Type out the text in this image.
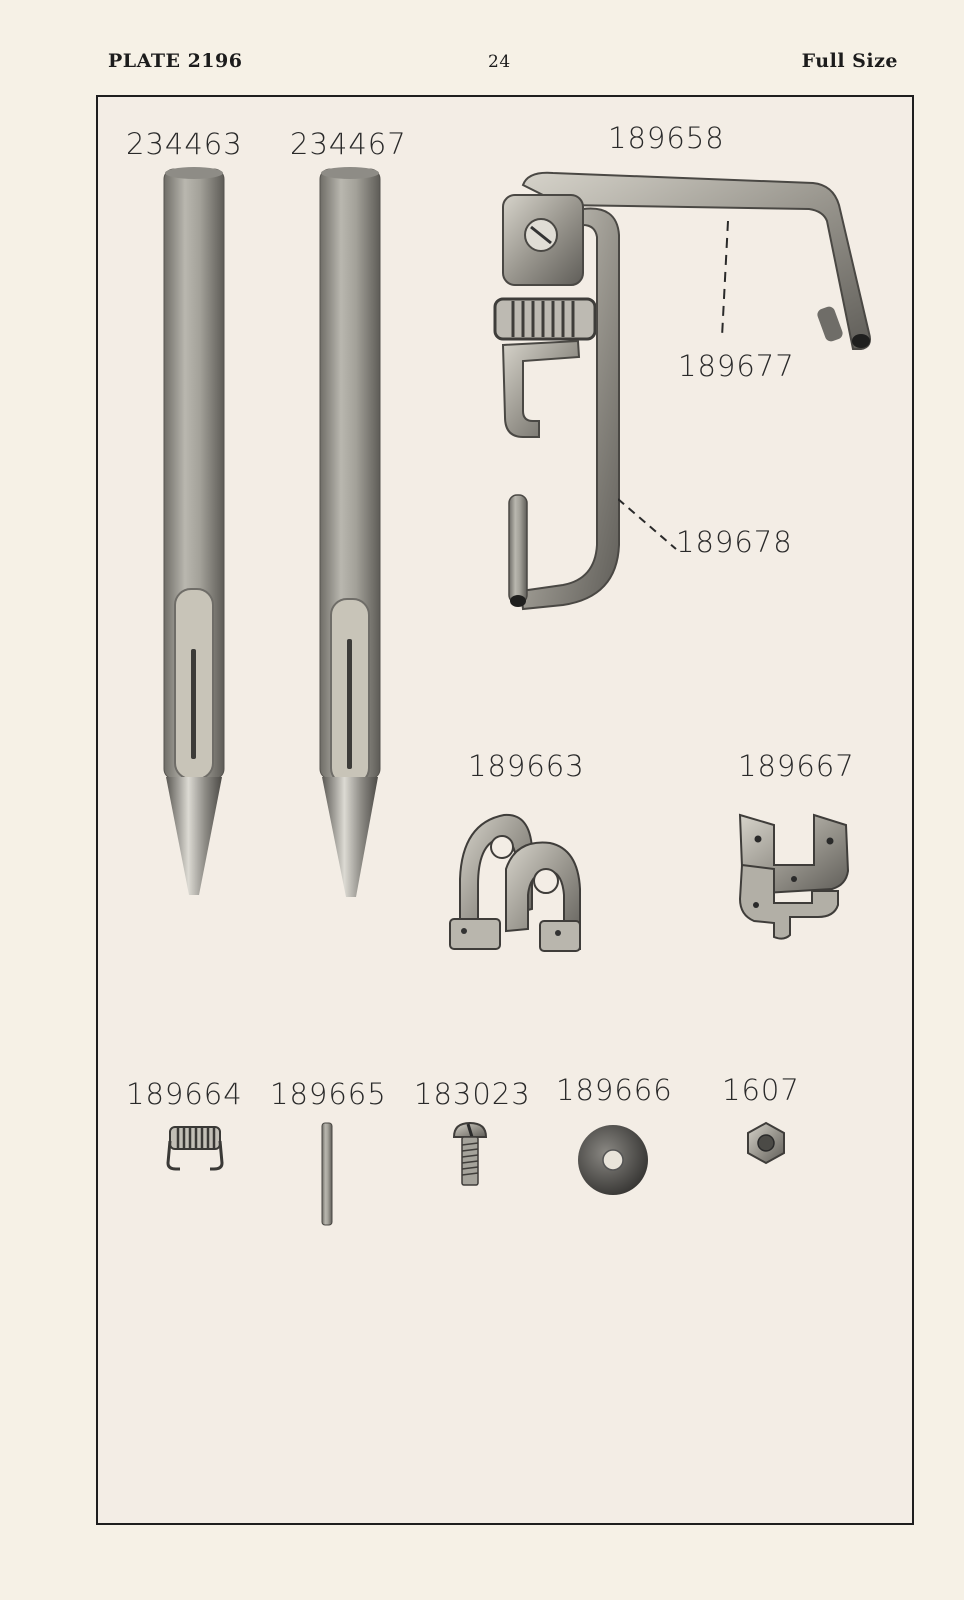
PLATE 2196	24	Full Size
234463 234467	189658
189677
189678
189663	189667
189664 189665 183023 189666 1607
